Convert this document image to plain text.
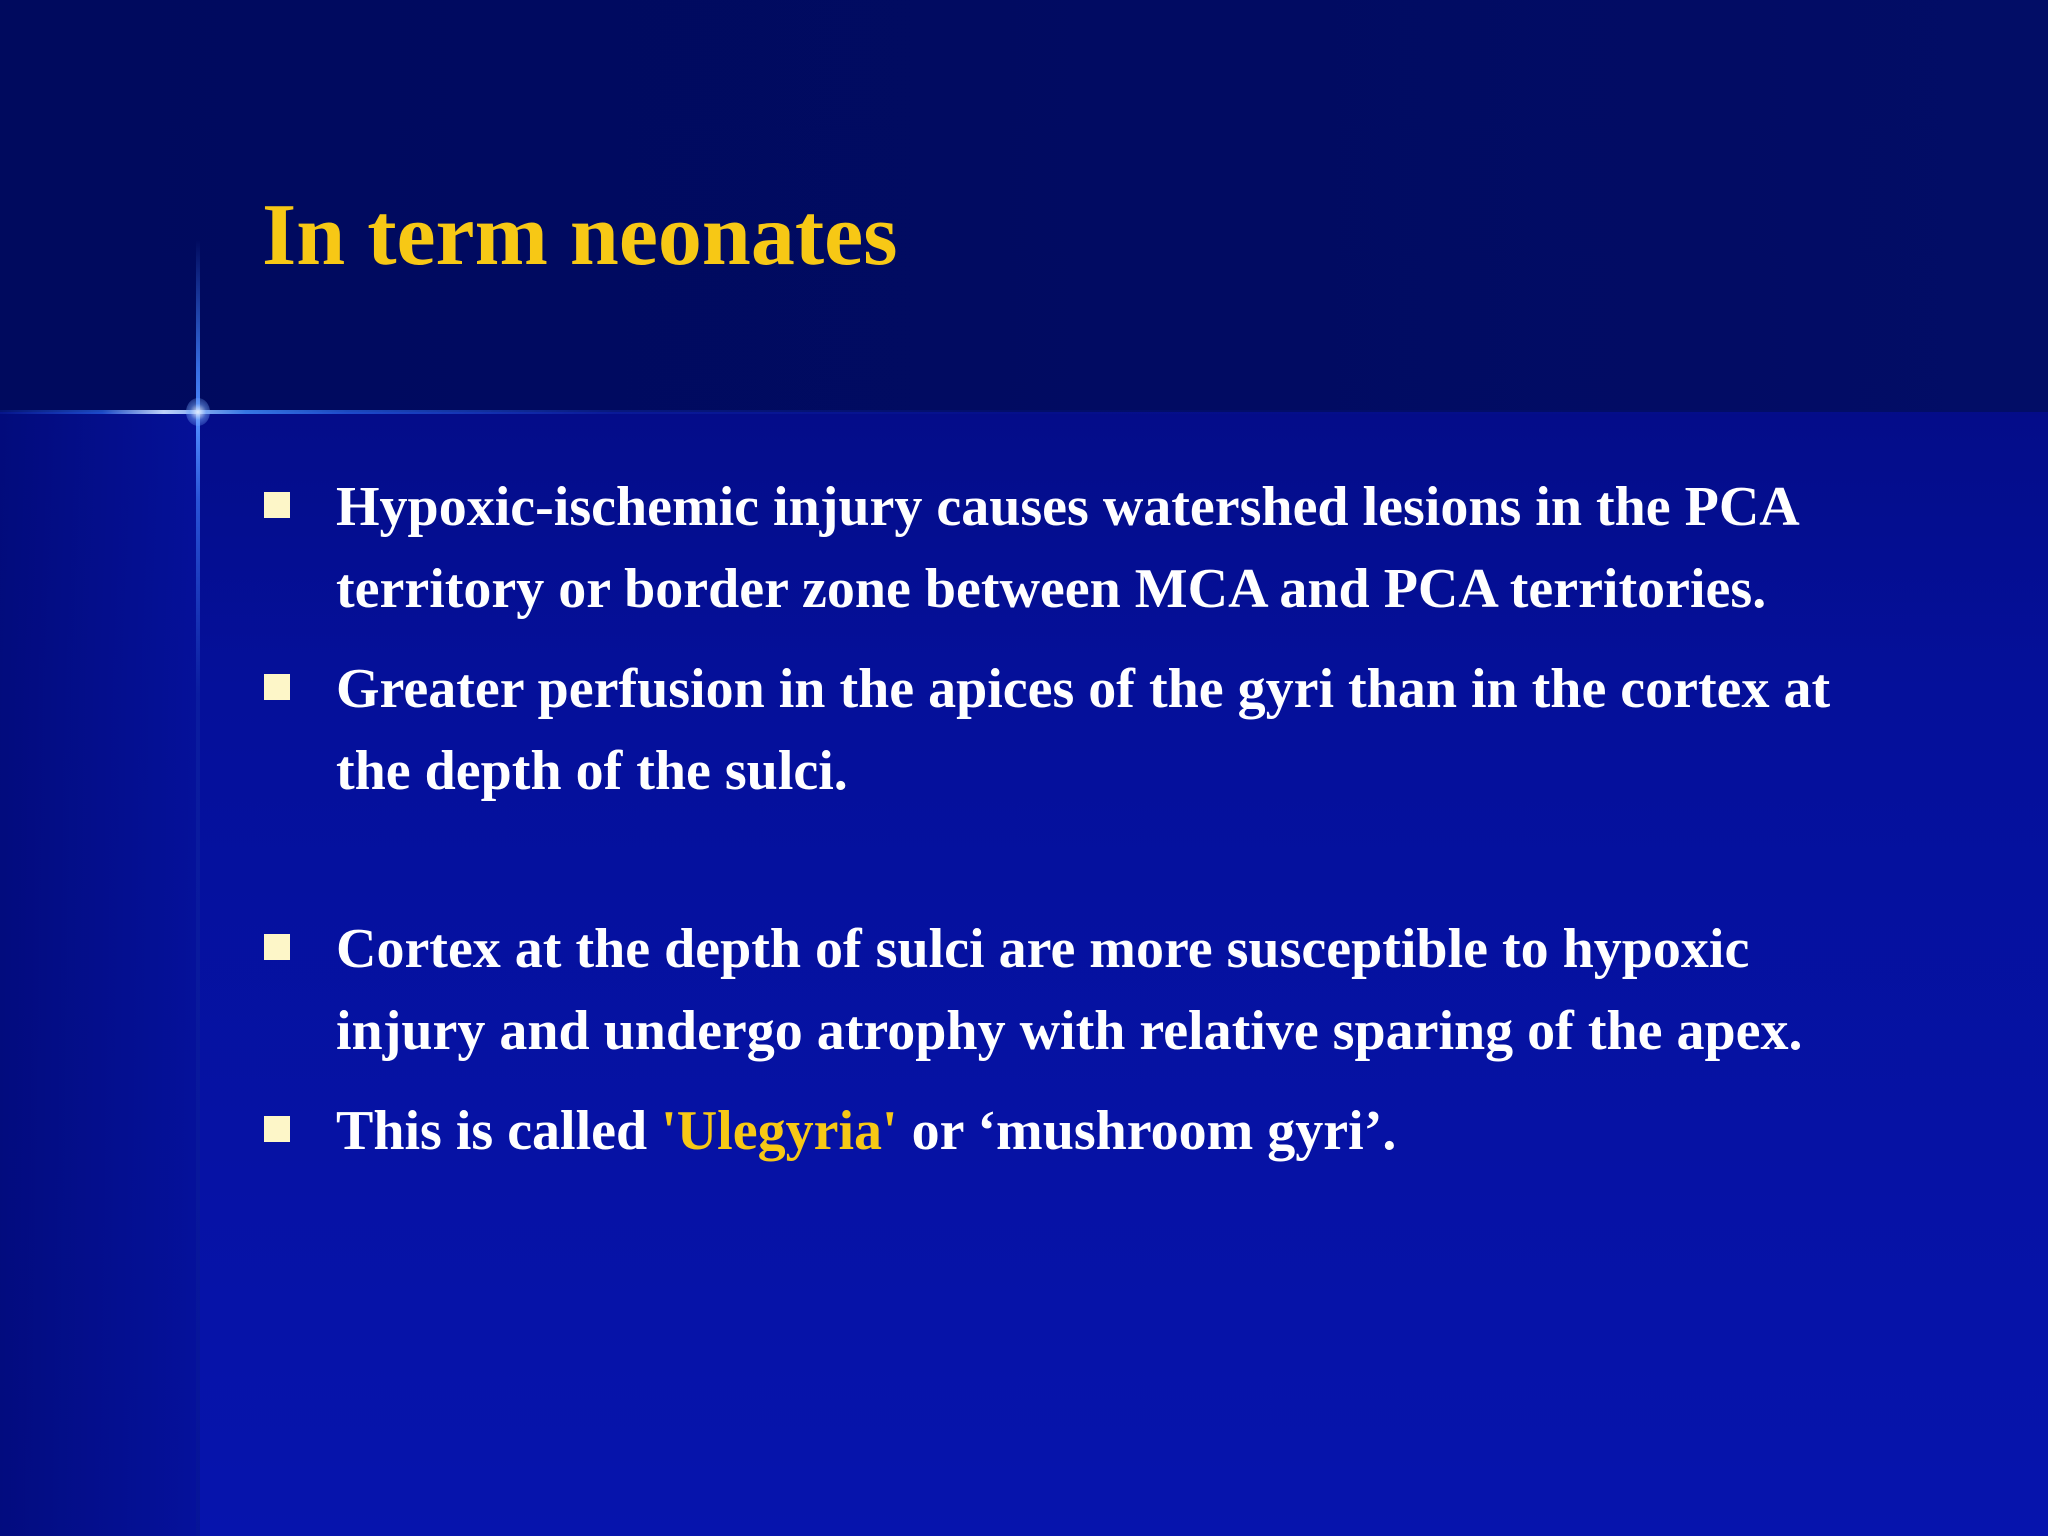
In term neonates
Hypoxic-ischemic injury causes watershed lesions in the PCA territory or border zone between MCA and PCA territories.
Greater perfusion in the apices of the gyri than in the cortex at the depth of the sulci.
Cortex at the depth of sulci are more susceptible to hypoxic injury and undergo atrophy with relative sparing of the apex.
This is called 'Ulegyria' or ‘mushroom gyri’.
